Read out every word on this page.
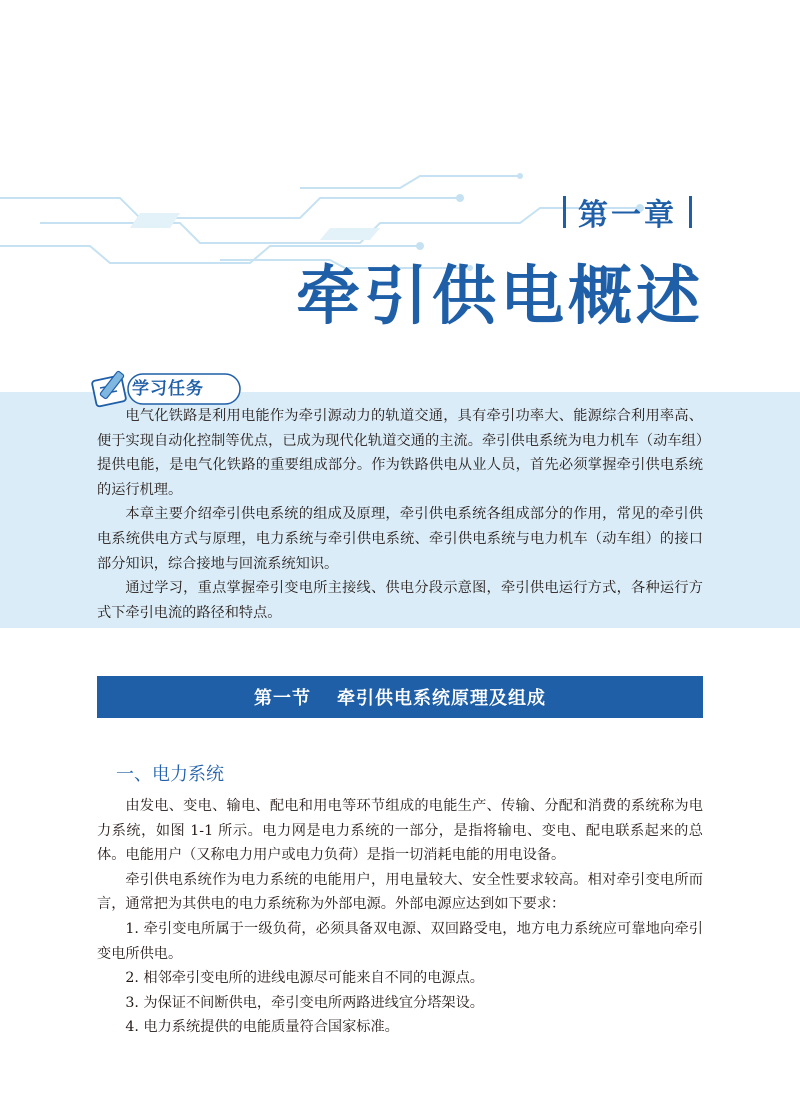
第一章
牵引供电概述
学习任务

电气化铁路是利用电能作为牵引源动力的轨道交通，具有牵引功率大、能源综合利用率高、便于实现自动化控制等优点，已成为现代化轨道交通的主流。牵引供电系统为电力机车（动车组）提供电能，是电气化铁路的重要组成部分。作为铁路供电从业人员，首先必须掌握牵引供电系统的运行机理。

本章主要介绍牵引供电系统的组成及原理，牵引供电系统各组成部分的作用，常见的牵引供电系统供电方式与原理，电力系统与牵引供电系统、牵引供电系统与电力机车（动车组）的接口部分知识，综合接地与回流系统知识。

通过学习，重点掌握牵引变电所主接线、供电分段示意图，牵引供电运行方式，各种运行方式下牵引电流的路径和特点。

第一节 牵引供电系统原理及组成
一、电力系统

由发电、变电、输电、配电和用电等环节组成的电能生产、传输、分配和消费的系统称为电力系统，如图 1-1 所示。电力网是电力系统的一部分，是指将输电、变电、配电联系起来的总体。电能用户（又称电力用户或电力负荷）是指一切消耗电能的用电设备。

牵引供电系统作为电力系统的电能用户，用电量较大、安全性要求较高。相对牵引变电所而言，通常把为其供电的电力系统称为外部电源。外部电源应达到如下要求：

1. 牵引变电所属于一级负荷，必须具备双电源、双回路受电，地方电力系统应可靠地向牵引变电所供电。

2. 相邻牵引变电所的进线电源尽可能来自不同的电源点。

3. 为保证不间断供电，牵引变电所两路进线宜分塔架设。

4. 电力系统提供的电能质量符合国家标准。
